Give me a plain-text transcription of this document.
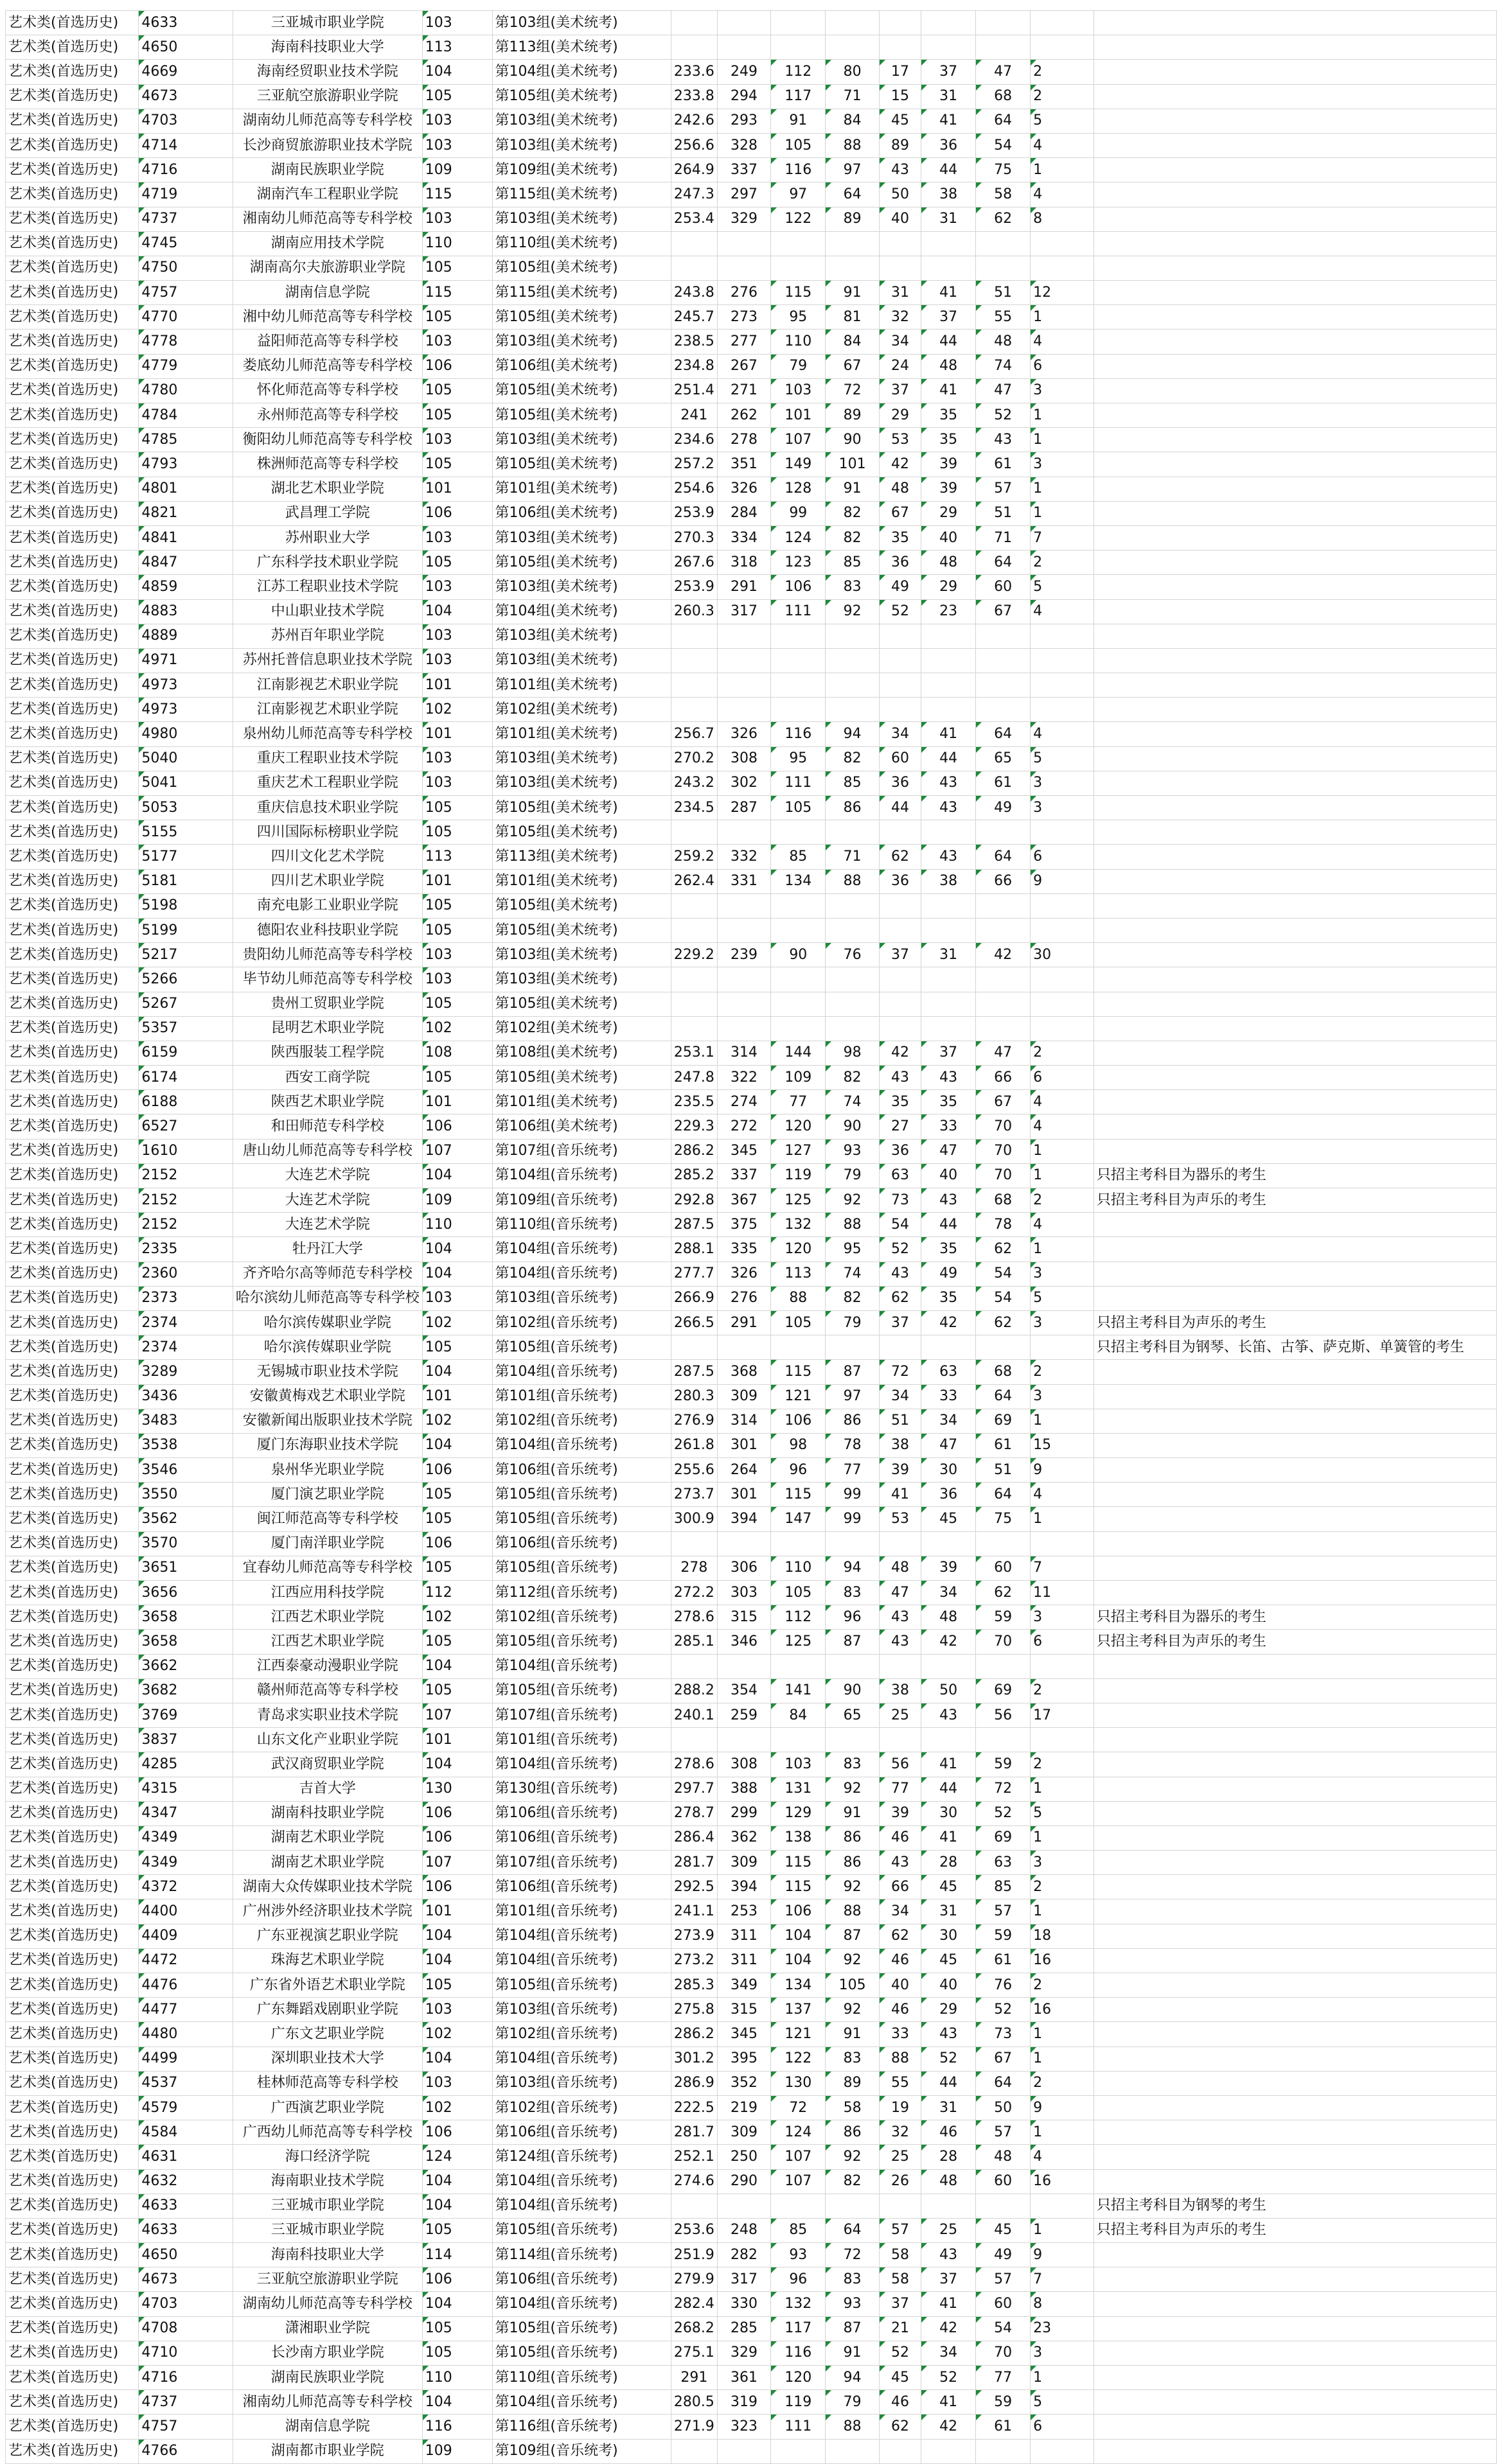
艺术类(首选历史)	4633	三亚城市职业学院	103	第103组(美术统考)									
艺术类(首选历史)	4650	海南科技职业大学	113	第113组(美术统考)									
艺术类(首选历史)	4669	海南经贸职业技术学院	104	第104组(美术统考)	233.6	249	112	80	17	37	47	2	
艺术类(首选历史)	4673	三亚航空旅游职业学院	105	第105组(美术统考)	233.8	294	117	71	15	31	68	2	
艺术类(首选历史)	4703	湖南幼儿师范高等专科学校	103	第103组(美术统考)	242.6	293	91	84	45	41	64	5	
艺术类(首选历史)	4714	长沙商贸旅游职业技术学院	103	第103组(美术统考)	256.6	328	105	88	89	36	54	4	
艺术类(首选历史)	4716	湖南民族职业学院	109	第109组(美术统考)	264.9	337	116	97	43	44	75	1	
艺术类(首选历史)	4719	湖南汽车工程职业学院	115	第115组(美术统考)	247.3	297	97	64	50	38	58	4	
艺术类(首选历史)	4737	湘南幼儿师范高等专科学校	103	第103组(美术统考)	253.4	329	122	89	40	31	62	8	
艺术类(首选历史)	4745	湖南应用技术学院	110	第110组(美术统考)									
艺术类(首选历史)	4750	湖南高尔夫旅游职业学院	105	第105组(美术统考)									
艺术类(首选历史)	4757	湖南信息学院	115	第115组(美术统考)	243.8	276	115	91	31	41	51	12	
艺术类(首选历史)	4770	湘中幼儿师范高等专科学校	105	第105组(美术统考)	245.7	273	95	81	32	37	55	1	
艺术类(首选历史)	4778	益阳师范高等专科学校	103	第103组(美术统考)	238.5	277	110	84	34	44	48	4	
艺术类(首选历史)	4779	娄底幼儿师范高等专科学校	106	第106组(美术统考)	234.8	267	79	67	24	48	74	6	
艺术类(首选历史)	4780	怀化师范高等专科学校	105	第105组(美术统考)	251.4	271	103	72	37	41	47	3	
艺术类(首选历史)	4784	永州师范高等专科学校	105	第105组(美术统考)	241	262	101	89	29	35	52	1	
艺术类(首选历史)	4785	衡阳幼儿师范高等专科学校	103	第103组(美术统考)	234.6	278	107	90	53	35	43	1	
艺术类(首选历史)	4793	株洲师范高等专科学校	105	第105组(美术统考)	257.2	351	149	101	42	39	61	3	
艺术类(首选历史)	4801	湖北艺术职业学院	101	第101组(美术统考)	254.6	326	128	91	48	39	57	1	
艺术类(首选历史)	4821	武昌理工学院	106	第106组(美术统考)	253.9	284	99	82	67	29	51	1	
艺术类(首选历史)	4841	苏州职业大学	103	第103组(美术统考)	270.3	334	124	82	35	40	71	7	
艺术类(首选历史)	4847	广东科学技术职业学院	105	第105组(美术统考)	267.6	318	123	85	36	48	64	2	
艺术类(首选历史)	4859	江苏工程职业技术学院	103	第103组(美术统考)	253.9	291	106	83	49	29	60	5	
艺术类(首选历史)	4883	中山职业技术学院	104	第104组(美术统考)	260.3	317	111	92	52	23	67	4	
艺术类(首选历史)	4889	苏州百年职业学院	103	第103组(美术统考)									
艺术类(首选历史)	4971	苏州托普信息职业技术学院	103	第103组(美术统考)									
艺术类(首选历史)	4973	江南影视艺术职业学院	101	第101组(美术统考)									
艺术类(首选历史)	4973	江南影视艺术职业学院	102	第102组(美术统考)									
艺术类(首选历史)	4980	泉州幼儿师范高等专科学校	101	第101组(美术统考)	256.7	326	116	94	34	41	64	4	
艺术类(首选历史)	5040	重庆工程职业技术学院	103	第103组(美术统考)	270.2	308	95	82	60	44	65	5	
艺术类(首选历史)	5041	重庆艺术工程职业学院	103	第103组(美术统考)	243.2	302	111	85	36	43	61	3	
艺术类(首选历史)	5053	重庆信息技术职业学院	105	第105组(美术统考)	234.5	287	105	86	44	43	49	3	
艺术类(首选历史)	5155	四川国际标榜职业学院	105	第105组(美术统考)									
艺术类(首选历史)	5177	四川文化艺术学院	113	第113组(美术统考)	259.2	332	85	71	62	43	64	6	
艺术类(首选历史)	5181	四川艺术职业学院	101	第101组(美术统考)	262.4	331	134	88	36	38	66	9	
艺术类(首选历史)	5198	南充电影工业职业学院	105	第105组(美术统考)									
艺术类(首选历史)	5199	德阳农业科技职业学院	105	第105组(美术统考)									
艺术类(首选历史)	5217	贵阳幼儿师范高等专科学校	103	第103组(美术统考)	229.2	239	90	76	37	31	42	30	
艺术类(首选历史)	5266	毕节幼儿师范高等专科学校	103	第103组(美术统考)									
艺术类(首选历史)	5267	贵州工贸职业学院	105	第105组(美术统考)									
艺术类(首选历史)	5357	昆明艺术职业学院	102	第102组(美术统考)									
艺术类(首选历史)	6159	陕西服装工程学院	108	第108组(美术统考)	253.1	314	144	98	42	37	47	2	
艺术类(首选历史)	6174	西安工商学院	105	第105组(美术统考)	247.8	322	109	82	43	43	66	6	
艺术类(首选历史)	6188	陕西艺术职业学院	101	第101组(美术统考)	235.5	274	77	74	35	35	67	4	
艺术类(首选历史)	6527	和田师范专科学校	106	第106组(美术统考)	229.3	272	120	90	27	33	70	4	
艺术类(首选历史)	1610	唐山幼儿师范高等专科学校	107	第107组(音乐统考)	286.2	345	127	93	36	47	70	1	
艺术类(首选历史)	2152	大连艺术学院	104	第104组(音乐统考)	285.2	337	119	79	63	40	70	1	只招主考科目为器乐的考生
艺术类(首选历史)	2152	大连艺术学院	109	第109组(音乐统考)	292.8	367	125	92	73	43	68	2	只招主考科目为声乐的考生
艺术类(首选历史)	2152	大连艺术学院	110	第110组(音乐统考)	287.5	375	132	88	54	44	78	4	
艺术类(首选历史)	2335	牡丹江大学	104	第104组(音乐统考)	288.1	335	120	95	52	35	62	1	
艺术类(首选历史)	2360	齐齐哈尔高等师范专科学校	104	第104组(音乐统考)	277.7	326	113	74	43	49	54	3	
艺术类(首选历史)	2373	哈尔滨幼儿师范高等专科学校	103	第103组(音乐统考)	266.9	276	88	82	62	35	54	5	
艺术类(首选历史)	2374	哈尔滨传媒职业学院	102	第102组(音乐统考)	266.5	291	105	79	37	42	62	3	只招主考科目为声乐的考生
艺术类(首选历史)	2374	哈尔滨传媒职业学院	105	第105组(音乐统考)									只招主考科目为钢琴、长笛、古筝、萨克斯、单簧管的考生
艺术类(首选历史)	3289	无锡城市职业技术学院	104	第104组(音乐统考)	287.5	368	115	87	72	63	68	2	
艺术类(首选历史)	3436	安徽黄梅戏艺术职业学院	101	第101组(音乐统考)	280.3	309	121	97	34	33	64	3	
艺术类(首选历史)	3483	安徽新闻出版职业技术学院	102	第102组(音乐统考)	276.9	314	106	86	51	34	69	1	
艺术类(首选历史)	3538	厦门东海职业技术学院	104	第104组(音乐统考)	261.8	301	98	78	38	47	61	15	
艺术类(首选历史)	3546	泉州华光职业学院	106	第106组(音乐统考)	255.6	264	96	77	39	30	51	9	
艺术类(首选历史)	3550	厦门演艺职业学院	105	第105组(音乐统考)	273.7	301	115	99	41	36	64	4	
艺术类(首选历史)	3562	闽江师范高等专科学校	105	第105组(音乐统考)	300.9	394	147	99	53	45	75	1	
艺术类(首选历史)	3570	厦门南洋职业学院	106	第106组(音乐统考)									
艺术类(首选历史)	3651	宜春幼儿师范高等专科学校	105	第105组(音乐统考)	278	306	110	94	48	39	60	7	
艺术类(首选历史)	3656	江西应用科技学院	112	第112组(音乐统考)	272.2	303	105	83	47	34	62	11	
艺术类(首选历史)	3658	江西艺术职业学院	102	第102组(音乐统考)	278.6	315	112	96	43	48	59	3	只招主考科目为器乐的考生
艺术类(首选历史)	3658	江西艺术职业学院	105	第105组(音乐统考)	285.1	346	125	87	43	42	70	6	只招主考科目为声乐的考生
艺术类(首选历史)	3662	江西泰豪动漫职业学院	104	第104组(音乐统考)									
艺术类(首选历史)	3682	赣州师范高等专科学校	105	第105组(音乐统考)	288.2	354	141	90	38	50	69	2	
艺术类(首选历史)	3769	青岛求实职业技术学院	107	第107组(音乐统考)	240.1	259	84	65	25	43	56	17	
艺术类(首选历史)	3837	山东文化产业职业学院	101	第101组(音乐统考)									
艺术类(首选历史)	4285	武汉商贸职业学院	104	第104组(音乐统考)	278.6	308	103	83	56	41	59	2	
艺术类(首选历史)	4315	吉首大学	130	第130组(音乐统考)	297.7	388	131	92	77	44	72	1	
艺术类(首选历史)	4347	湖南科技职业学院	106	第106组(音乐统考)	278.7	299	129	91	39	30	52	5	
艺术类(首选历史)	4349	湖南艺术职业学院	106	第106组(音乐统考)	286.4	362	138	86	46	41	69	1	
艺术类(首选历史)	4349	湖南艺术职业学院	107	第107组(音乐统考)	281.7	309	115	86	43	28	63	3	
艺术类(首选历史)	4372	湖南大众传媒职业技术学院	106	第106组(音乐统考)	292.5	394	115	92	66	45	85	2	
艺术类(首选历史)	4400	广州涉外经济职业技术学院	101	第101组(音乐统考)	241.1	253	106	88	34	31	57	1	
艺术类(首选历史)	4409	广东亚视演艺职业学院	104	第104组(音乐统考)	273.9	311	104	87	62	30	59	18	
艺术类(首选历史)	4472	珠海艺术职业学院	104	第104组(音乐统考)	273.2	311	104	92	46	45	61	16	
艺术类(首选历史)	4476	广东省外语艺术职业学院	105	第105组(音乐统考)	285.3	349	134	105	40	40	76	2	
艺术类(首选历史)	4477	广东舞蹈戏剧职业学院	103	第103组(音乐统考)	275.8	315	137	92	46	29	52	16	
艺术类(首选历史)	4480	广东文艺职业学院	102	第102组(音乐统考)	286.2	345	121	91	33	43	73	1	
艺术类(首选历史)	4499	深圳职业技术大学	104	第104组(音乐统考)	301.2	395	122	83	88	52	67	1	
艺术类(首选历史)	4537	桂林师范高等专科学校	103	第103组(音乐统考)	286.9	352	130	89	55	44	64	2	
艺术类(首选历史)	4579	广西演艺职业学院	102	第102组(音乐统考)	222.5	219	72	58	19	31	50	9	
艺术类(首选历史)	4584	广西幼儿师范高等专科学校	106	第106组(音乐统考)	281.7	309	124	86	32	46	57	1	
艺术类(首选历史)	4631	海口经济学院	124	第124组(音乐统考)	252.1	250	107	92	25	28	48	4	
艺术类(首选历史)	4632	海南职业技术学院	104	第104组(音乐统考)	274.6	290	107	82	26	48	60	16	
艺术类(首选历史)	4633	三亚城市职业学院	104	第104组(音乐统考)									只招主考科目为钢琴的考生
艺术类(首选历史)	4633	三亚城市职业学院	105	第105组(音乐统考)	253.6	248	85	64	57	25	45	1	只招主考科目为声乐的考生
艺术类(首选历史)	4650	海南科技职业大学	114	第114组(音乐统考)	251.9	282	93	72	58	43	49	9	
艺术类(首选历史)	4673	三亚航空旅游职业学院	106	第106组(音乐统考)	279.9	317	96	83	58	37	57	7	
艺术类(首选历史)	4703	湖南幼儿师范高等专科学校	104	第104组(音乐统考)	282.4	330	132	93	37	41	60	8	
艺术类(首选历史)	4708	潇湘职业学院	105	第105组(音乐统考)	268.2	285	117	87	21	42	54	23	
艺术类(首选历史)	4710	长沙南方职业学院	105	第105组(音乐统考)	275.1	329	116	91	52	34	70	3	
艺术类(首选历史)	4716	湖南民族职业学院	110	第110组(音乐统考)	291	361	120	94	45	52	77	1	
艺术类(首选历史)	4737	湘南幼儿师范高等专科学校	104	第104组(音乐统考)	280.5	319	119	79	46	41	59	5	
艺术类(首选历史)	4757	湖南信息学院	116	第116组(音乐统考)	271.9	323	111	88	62	42	61	6	
艺术类(首选历史)	4766	湖南都市职业学院	109	第109组(音乐统考)									
